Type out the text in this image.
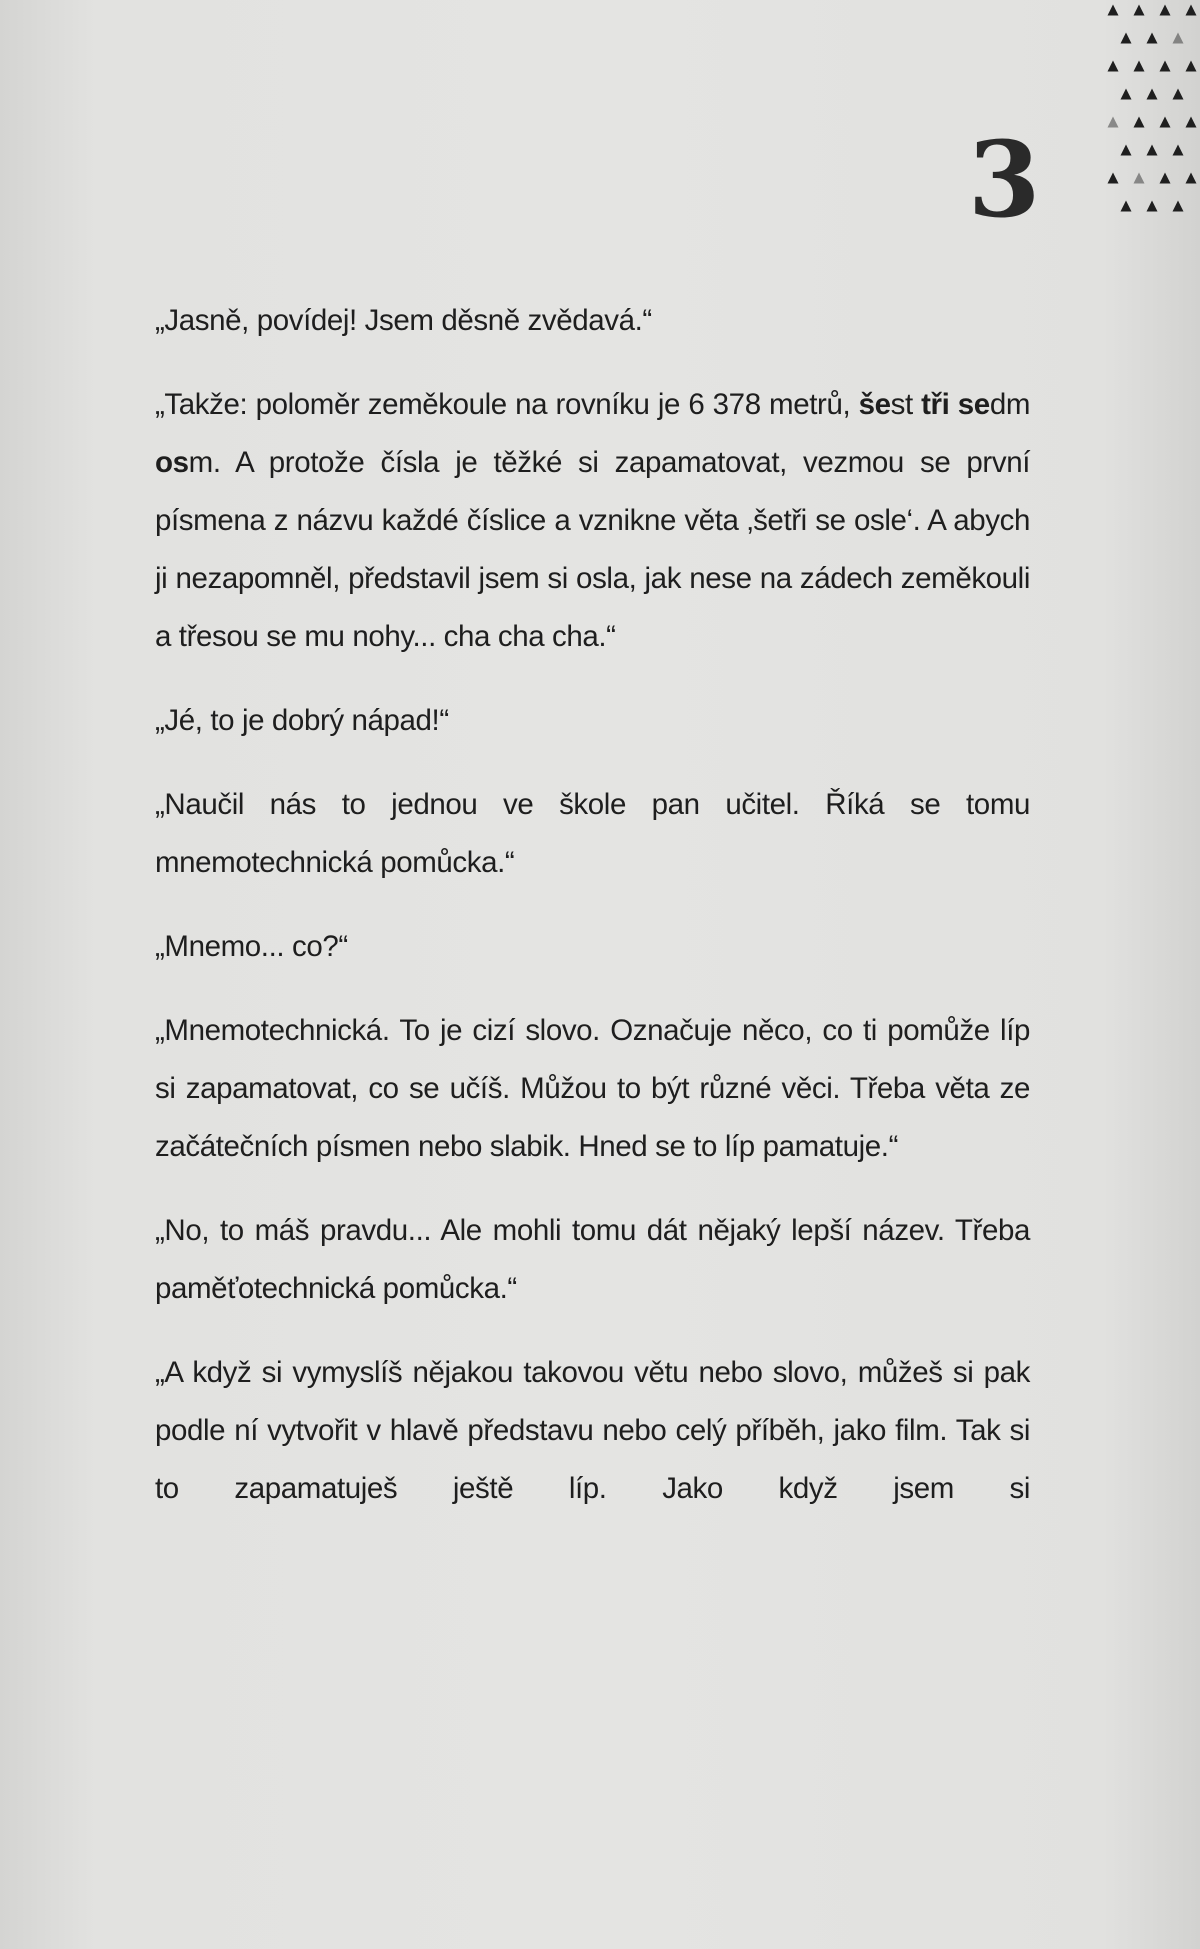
3

„Jasně, povídej! Jsem děsně zvědavá.“

„Takže: poloměr zeměkoule na rovníku je 6 378 metrů, šest tři sedm osm. A protože čísla je těžké si zapamatovat, vezmou se první písmena z názvu každé číslice a vznikne věta ‚šetři se osle‘. A abych ji nezapomněl, představil jsem si osla, jak nese na zádech zeměkouli a třesou se mu nohy... cha cha cha.“

„Jé, to je dobrý nápad!“

„Naučil nás to jednou ve škole pan učitel. Říká se tomu mnemotechnická pomůcka.“

„Mnemo... co?“

„Mnemotechnická. To je cizí slovo. Označuje něco, co ti pomůže líp si zapamatovat, co se učíš. Můžou to být různé věci. Třeba věta ze začátečních písmen nebo slabik. Hned se to líp pamatuje.“

„No, to máš pravdu... Ale mohli tomu dát nějaký lepší název. Třeba paměťotechnická pomůcka.“

„A když si vymyslíš nějakou takovou větu nebo slovo, můžeš si pak podle ní vytvořit v hlavě představu nebo celý příběh, jako film. Tak si to zapamatuješ ještě líp. Jako když jsem si
